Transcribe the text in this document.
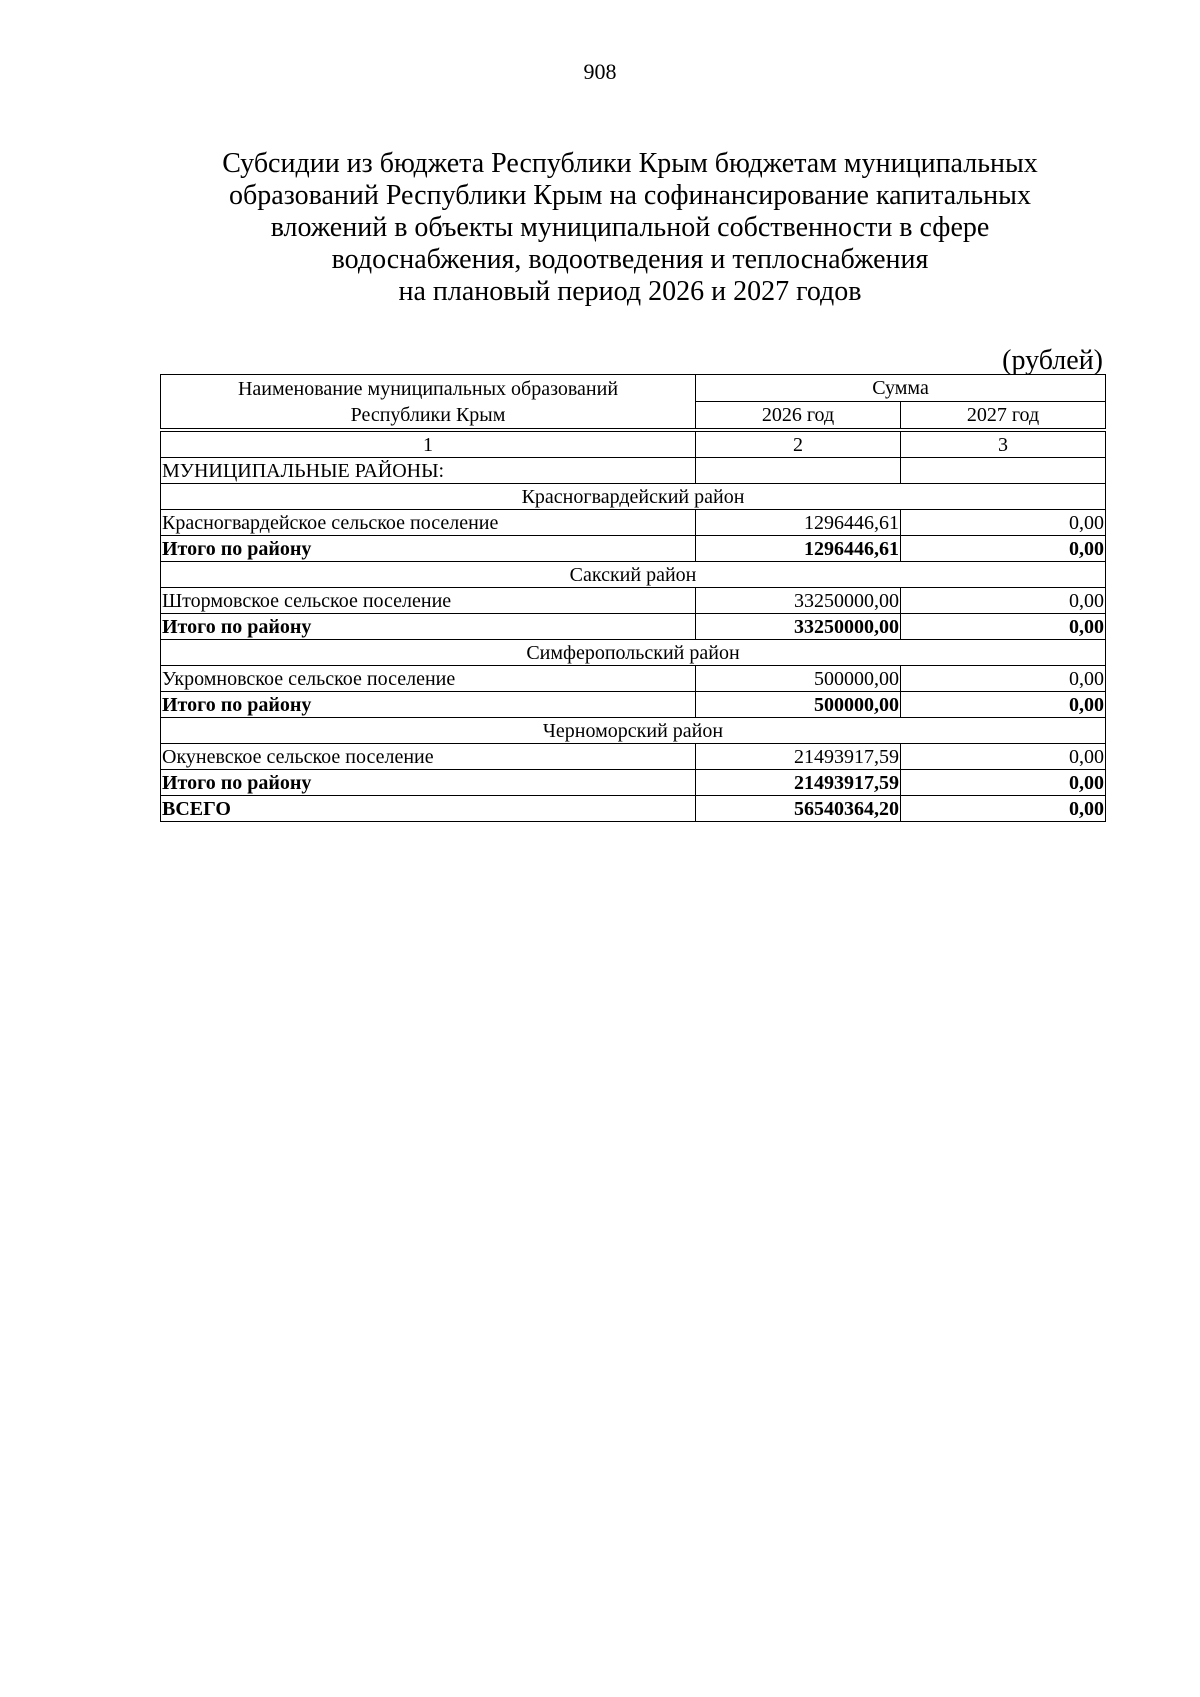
908
Субсидии из бюджета Республики Крым бюджетам муниципальных
образований Республики Крым на софинансирование капитальных
вложений в объекты муниципальной собственности в сфере
водоснабжения, водоотведения и теплоснабжения
на плановый период 2026 и 2027 годов
(рублей)
Наименование муниципальных образований
Республики Крым	Сумма	
	2026 год	2027 год
1	2	3
МУНИЦИПАЛЬНЫЕ РАЙОНЫ:		
Красногвардейский район		
Красногвардейское сельское поселение	1296446,61	0,00
Итого по району	1296446,61	0,00
Сакский район		
Штормовское сельское поселение	33250000,00	0,00
Итого по району	33250000,00	0,00
Симферопольский район		
Укромновское сельское поселение	500000,00	0,00
Итого по району	500000,00	0,00
Черноморский район		
Окуневское сельское поселение	21493917,59	0,00
Итого по району	21493917,59	0,00
ВСЕГО	56540364,20	0,00
